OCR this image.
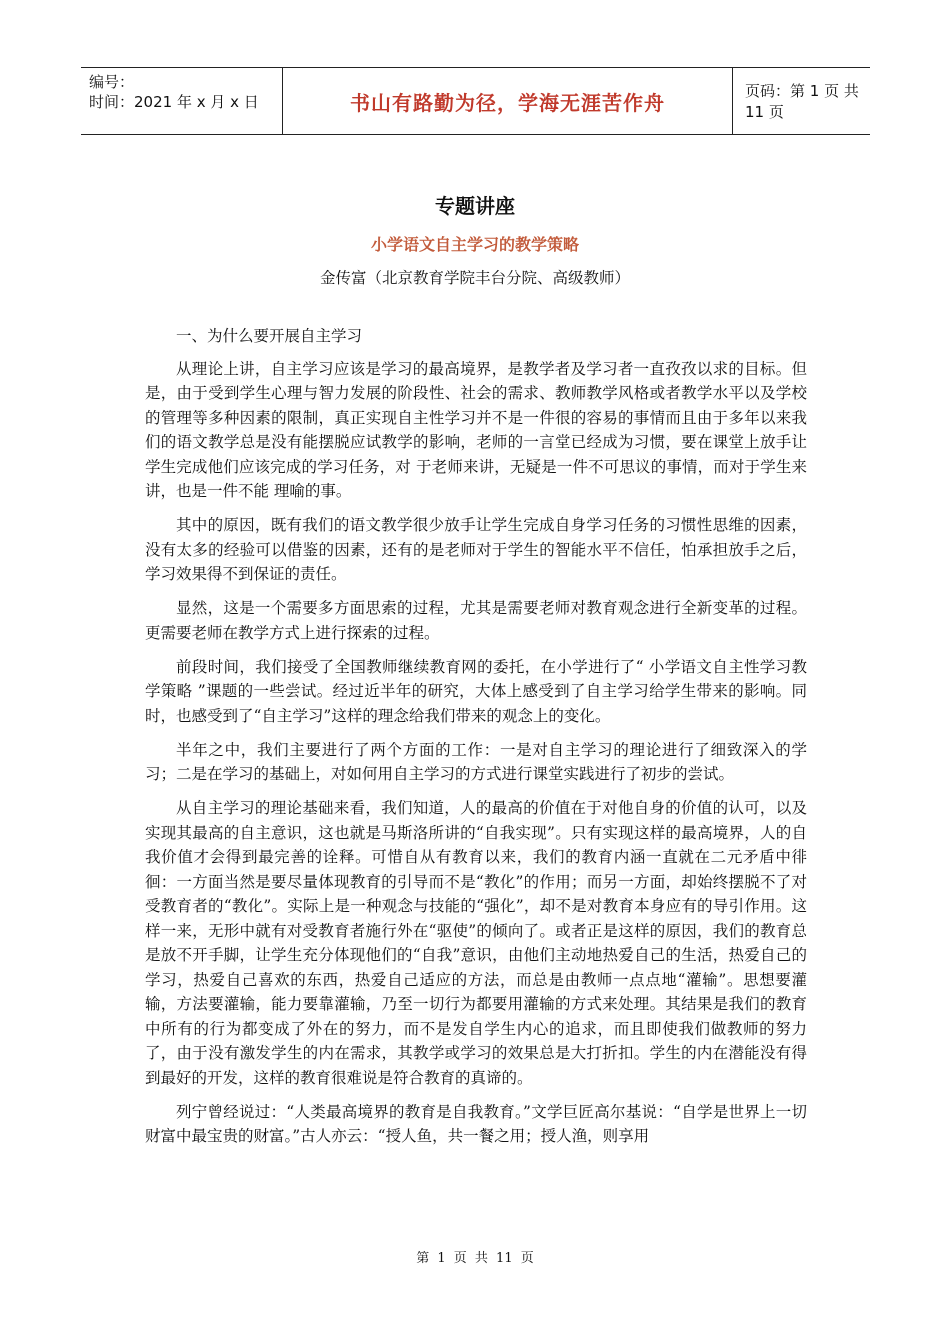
编号：
时间：2021 年 x 月 x 日	书山有路勤为径，学海无涯苦作舟	页码：第 1 页 共 11 页
专题讲座
小学语文自主学习的教学策略
金传富（北京教育学院丰台分院、高级教师）

一、为什么要开展自主学习

从理论上讲，自主学习应该是学习的最高境界，是教学者及学习者一直孜孜以求的目标。但是，由于受到学生心理与智力发展的阶段性、社会的需求、教师教学风格或者教学水平以及学校的管理等多种因素的限制，真正实现自主性学习并不是一件很的容易的事情而且由于多年以来我们的语文教学总是没有能摆脱应试教学的影响，老师的一言堂已经成为习惯，要在课堂上放手让学生完成他们应该完成的学习任务，对 于老师来讲，无疑是一件不可思议的事情，而对于学生来讲，也是一件不能 理喻的事。

其中的原因，既有我们的语文教学很少放手让学生完成自身学习任务的习惯性思维的因素，没有太多的经验可以借鉴的因素，还有的是老师对于学生的智能水平不信任，怕承担放手之后，学习效果得不到保证的责任。

显然，这是一个需要多方面思索的过程，尤其是需要老师对教育观念进行全新变革的过程。更需要老师在教学方式上进行探索的过程。

前段时间，我们接受了全国教师继续教育网的委托，在小学进行了“ 小学语文自主性学习教学策略 ”课题的一些尝试。经过近半年的研究，大体上感受到了自主学习给学生带来的影响。同时，也感受到了“自主学习”这样的理念给我们带来的观念上的变化。

半年之中，我们主要进行了两个方面的工作：一是对自主学习的理论进行了细致深入的学习；二是在学习的基础上，对如何用自主学习的方式进行课堂实践进行了初步的尝试。

从自主学习的理论基础来看，我们知道，人的最高的价值在于对他自身的价值的认可，以及实现其最高的自主意识，这也就是马斯洛所讲的“自我实现”。只有实现这样的最高境界，人的自我价值才会得到最完善的诠释。可惜自从有教育以来，我们的教育内涵一直就在二元矛盾中徘徊：一方面当然是要尽量体现教育的引导而不是“教化”的作用；而另一方面，却始终摆脱不了对受教育者的“教化”。实际上是一种观念与技能的“强化”，却不是对教育本身应有的导引作用。这样一来，无形中就有对受教育者施行外在“驱使”的倾向了。或者正是这样的原因，我们的教育总是放不开手脚，让学生充分体现他们的“自我”意识，由他们主动地热爱自己的生活，热爱自己的学习，热爱自己喜欢的东西，热爱自己适应的方法，而总是由教师一点点地“灌输”。思想要灌输，方法要灌输，能力要靠灌输，乃至一切行为都要用灌输的方式来处理。其结果是我们的教育中所有的行为都变成了外在的努力，而不是发自学生内心的追求，而且即使我们做教师的努力了，由于没有激发学生的内在需求，其教学或学习的效果总是大打折扣。学生的内在潜能没有得到最好的开发，这样的教育很难说是符合教育的真谛的。

列宁曾经说过：“人类最高境界的教育是自我教育。”文学巨匠高尔基说：“自学是世界上一切财富中最宝贵的财富。”古人亦云：“授人鱼，共一餐之用；授人渔，则享用

第 1 页 共 11 页
